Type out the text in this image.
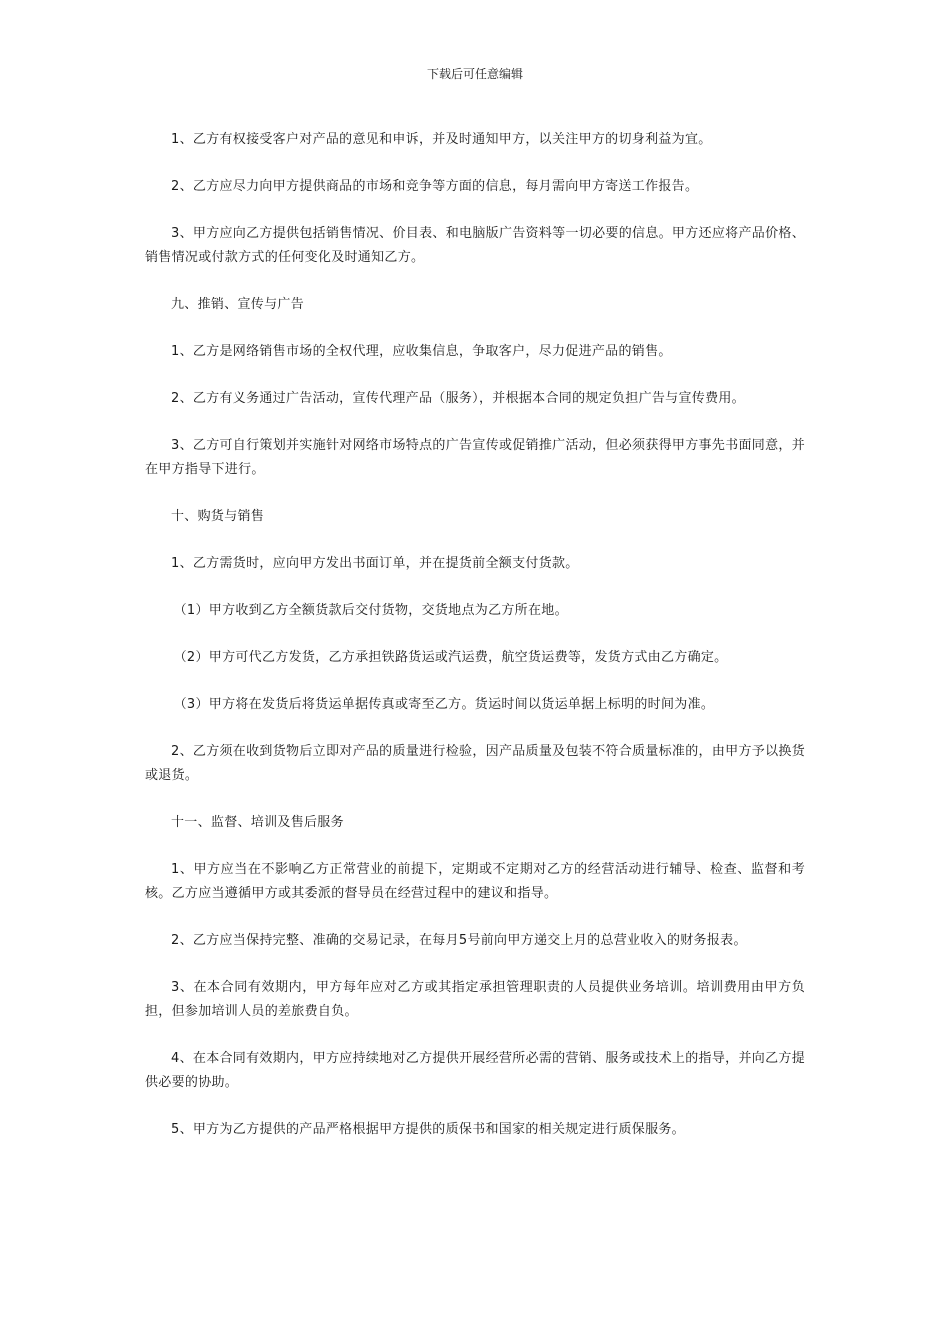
下载后可任意编辑

1、乙方有权接受客户对产品的意见和申诉，并及时通知甲方，以关注甲方的切身利益为宜。

2、乙方应尽力向甲方提供商品的市场和竞争等方面的信息，每月需向甲方寄送工作报告。

3、甲方应向乙方提供包括销售情况、价目表、和电脑版广告资料等一切必要的信息。甲方还应将产品价格、销售情况或付款方式的任何变化及时通知乙方。

九、推销、宣传与广告

1、乙方是网络销售市场的全权代理，应收集信息，争取客户，尽力促进产品的销售。

2、乙方有义务通过广告活动，宣传代理产品（服务），并根据本合同的规定负担广告与宣传费用。

3、乙方可自行策划并实施针对网络市场特点的广告宣传或促销推广活动，但必须获得甲方事先书面同意，并在甲方指导下进行。

十、购货与销售

1、乙方需货时，应向甲方发出书面订单，并在提货前全额支付货款。

（1）甲方收到乙方全额货款后交付货物，交货地点为乙方所在地。

（2）甲方可代乙方发货，乙方承担铁路货运或汽运费，航空货运费等，发货方式由乙方确定。

（3）甲方将在发货后将货运单据传真或寄至乙方。货运时间以货运单据上标明的时间为准。

2、乙方须在收到货物后立即对产品的质量进行检验，因产品质量及包装不符合质量标准的，由甲方予以换货或退货。

十一、监督、培训及售后服务

1、甲方应当在不影响乙方正常营业的前提下，定期或不定期对乙方的经营活动进行辅导、检查、监督和考核。乙方应当遵循甲方或其委派的督导员在经营过程中的建议和指导。

2、乙方应当保持完整、准确的交易记录，在每月5号前向甲方递交上月的总营业收入的财务报表。

3、在本合同有效期内，甲方每年应对乙方或其指定承担管理职责的人员提供业务培训。培训费用由甲方负担，但参加培训人员的差旅费自负。

4、在本合同有效期内，甲方应持续地对乙方提供开展经营所必需的营销、服务或技术上的指导，并向乙方提供必要的协助。

5、甲方为乙方提供的产品严格根据甲方提供的质保书和国家的相关规定进行质保服务。
